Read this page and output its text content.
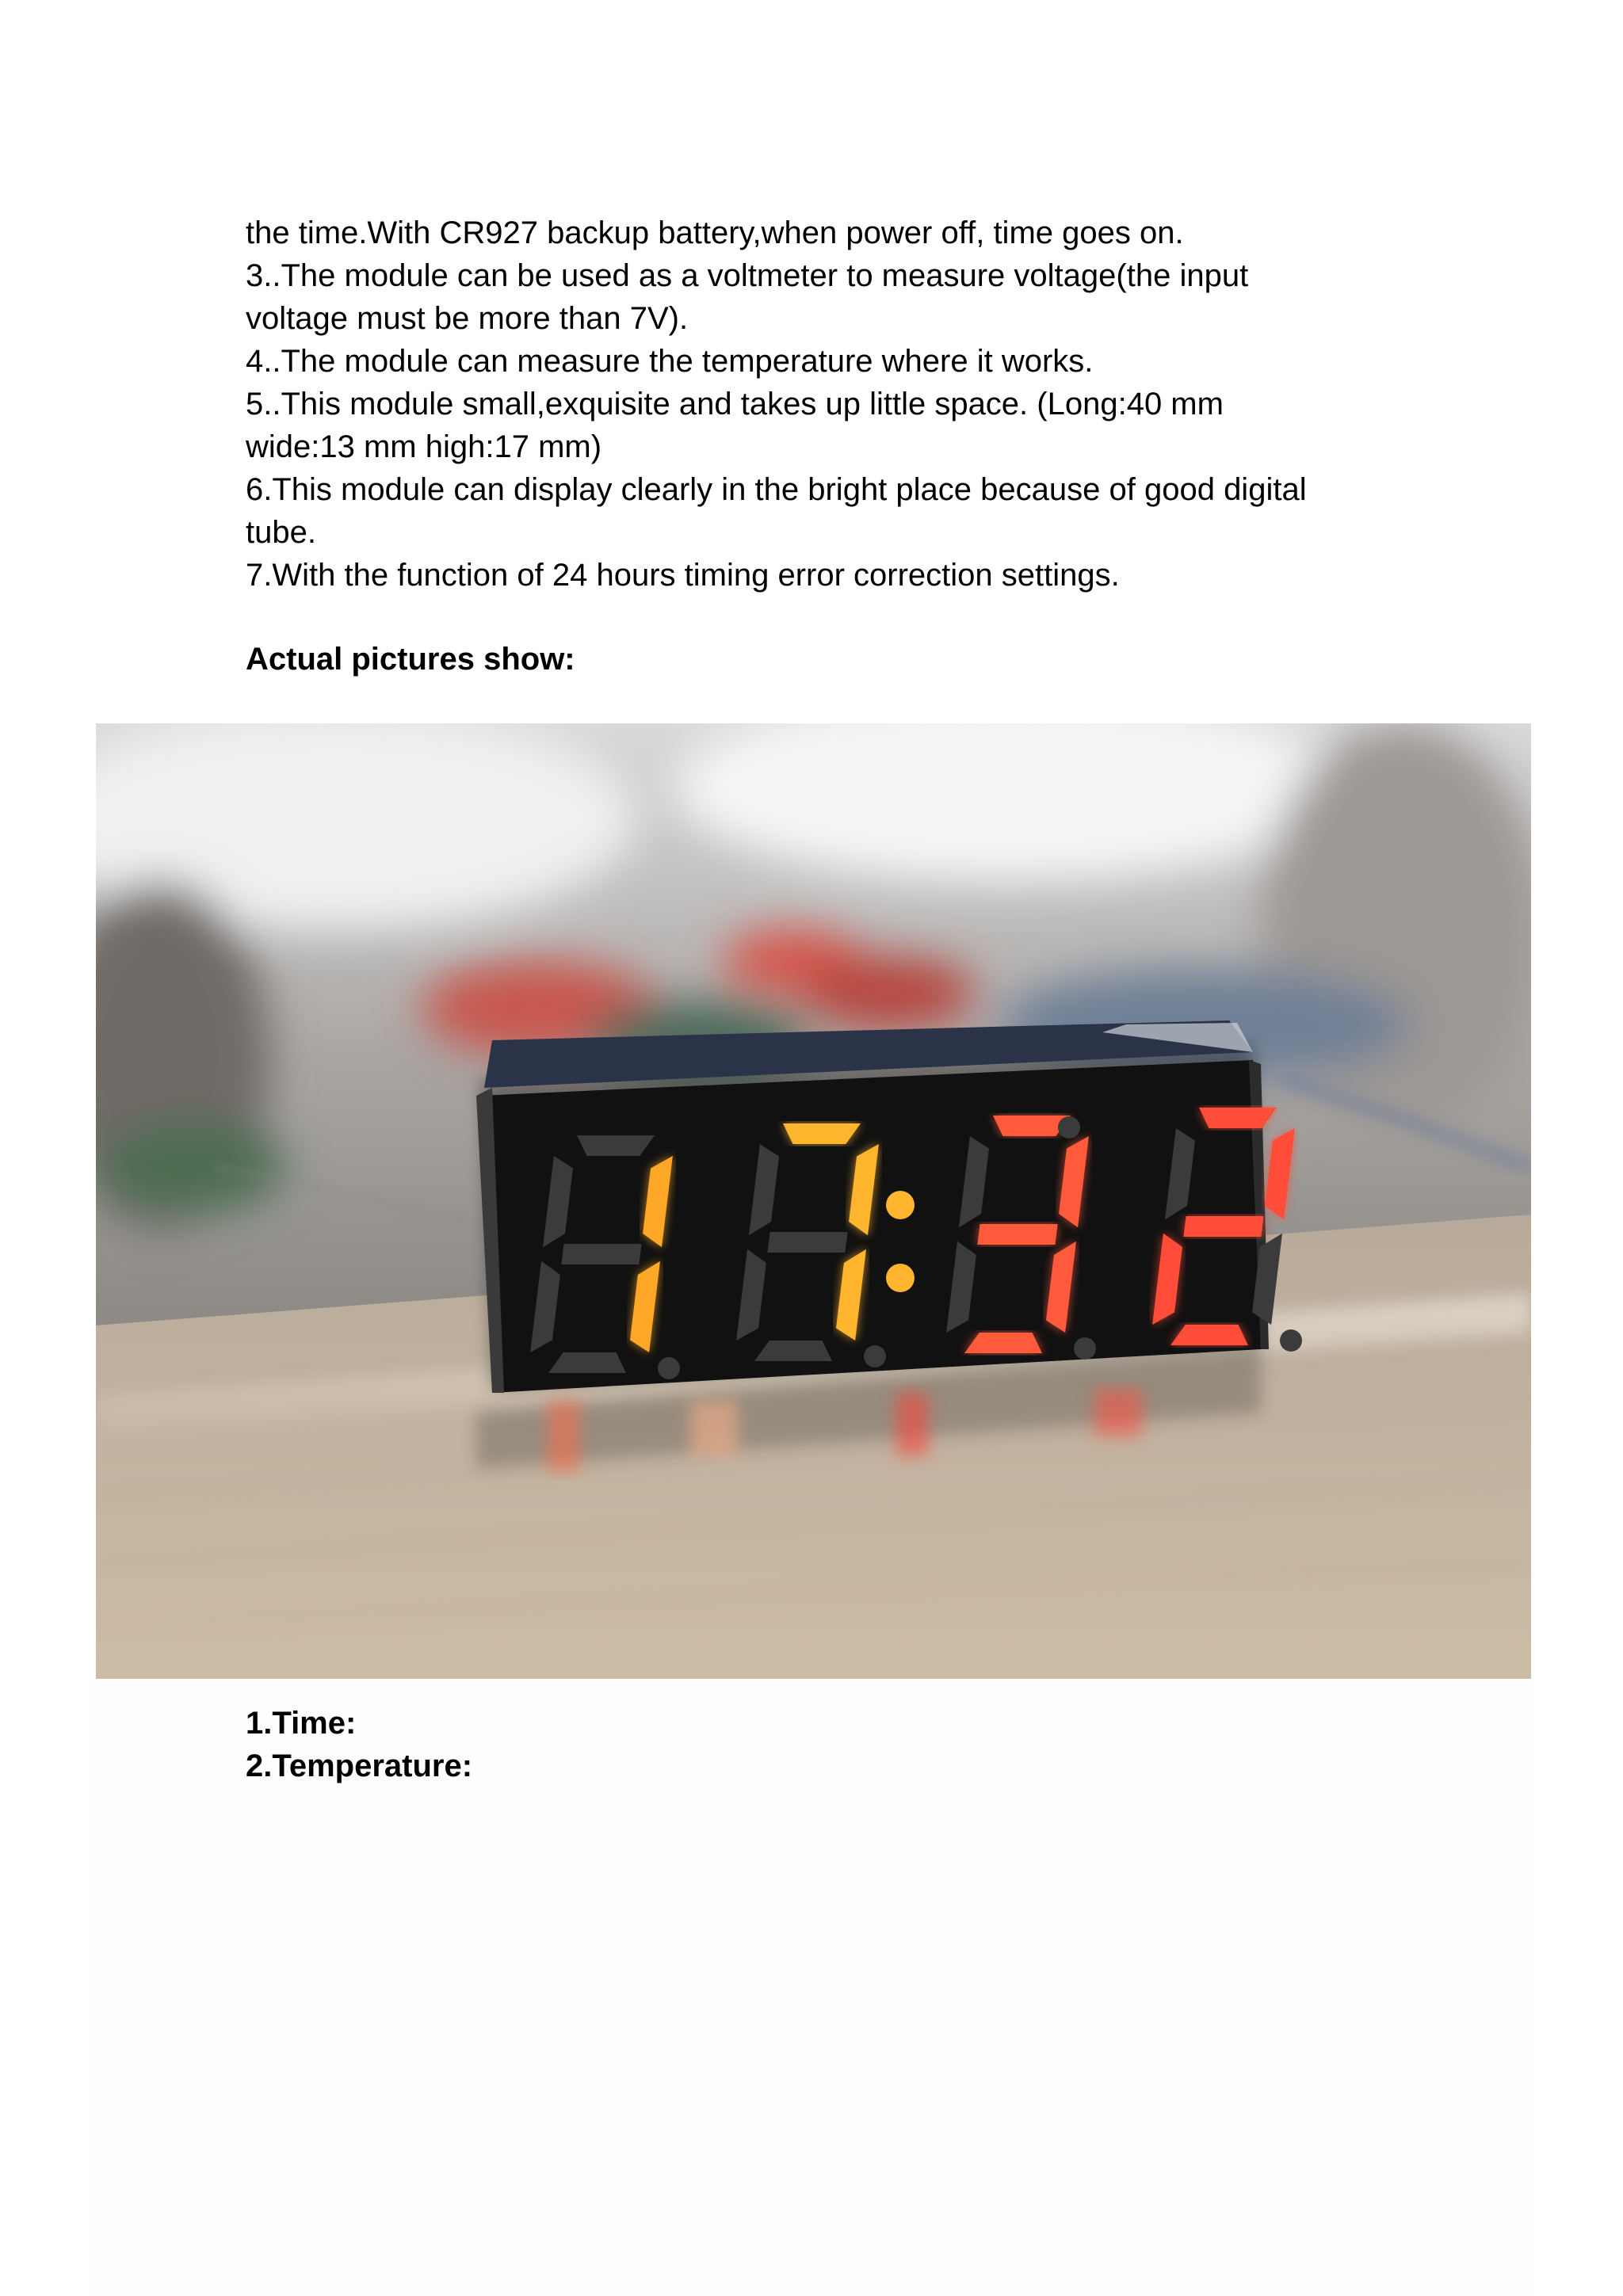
the time.With CR927 backup battery,when power off, time goes on.
3..The module can be used as a voltmeter to measure voltage(the input
voltage must be more than 7V).
4..The module can measure the temperature where it works.
5..This module small,exquisite and takes up little space. (Long:40 mm
wide:13 mm high:17 mm)
6.This module can display clearly in the bright place because of good digital
tube.
7.With the function of 24 hours timing error correction settings.
Actual pictures show:
1.Time:
2.Temperature:
